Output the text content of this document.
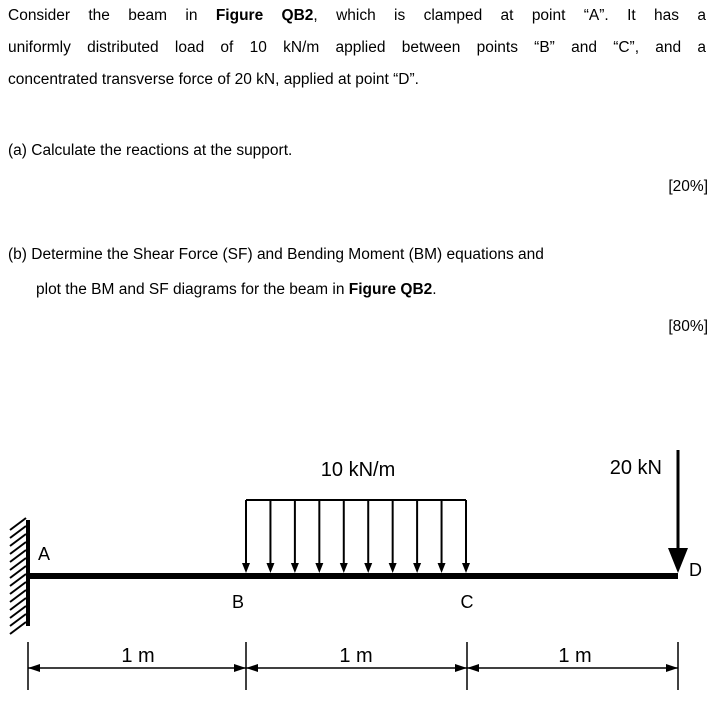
Consider the beam in Figure QB2, which is clamped at point “A”. It has a
uniformly distributed load of 10 kN/m applied between points “B” and “C”, and a
concentrated transverse force of 20 kN, applied at point “D”.
(a) Calculate the reactions at the support.
[20%]
(b) Determine the Shear Force (SF) and Bending Moment (BM) equations and
plot the BM and SF diagrams for the beam in Figure QB2.
[80%]
10 kN/m	20 kN
A
B	C
D
1 m	1 m	1 m
